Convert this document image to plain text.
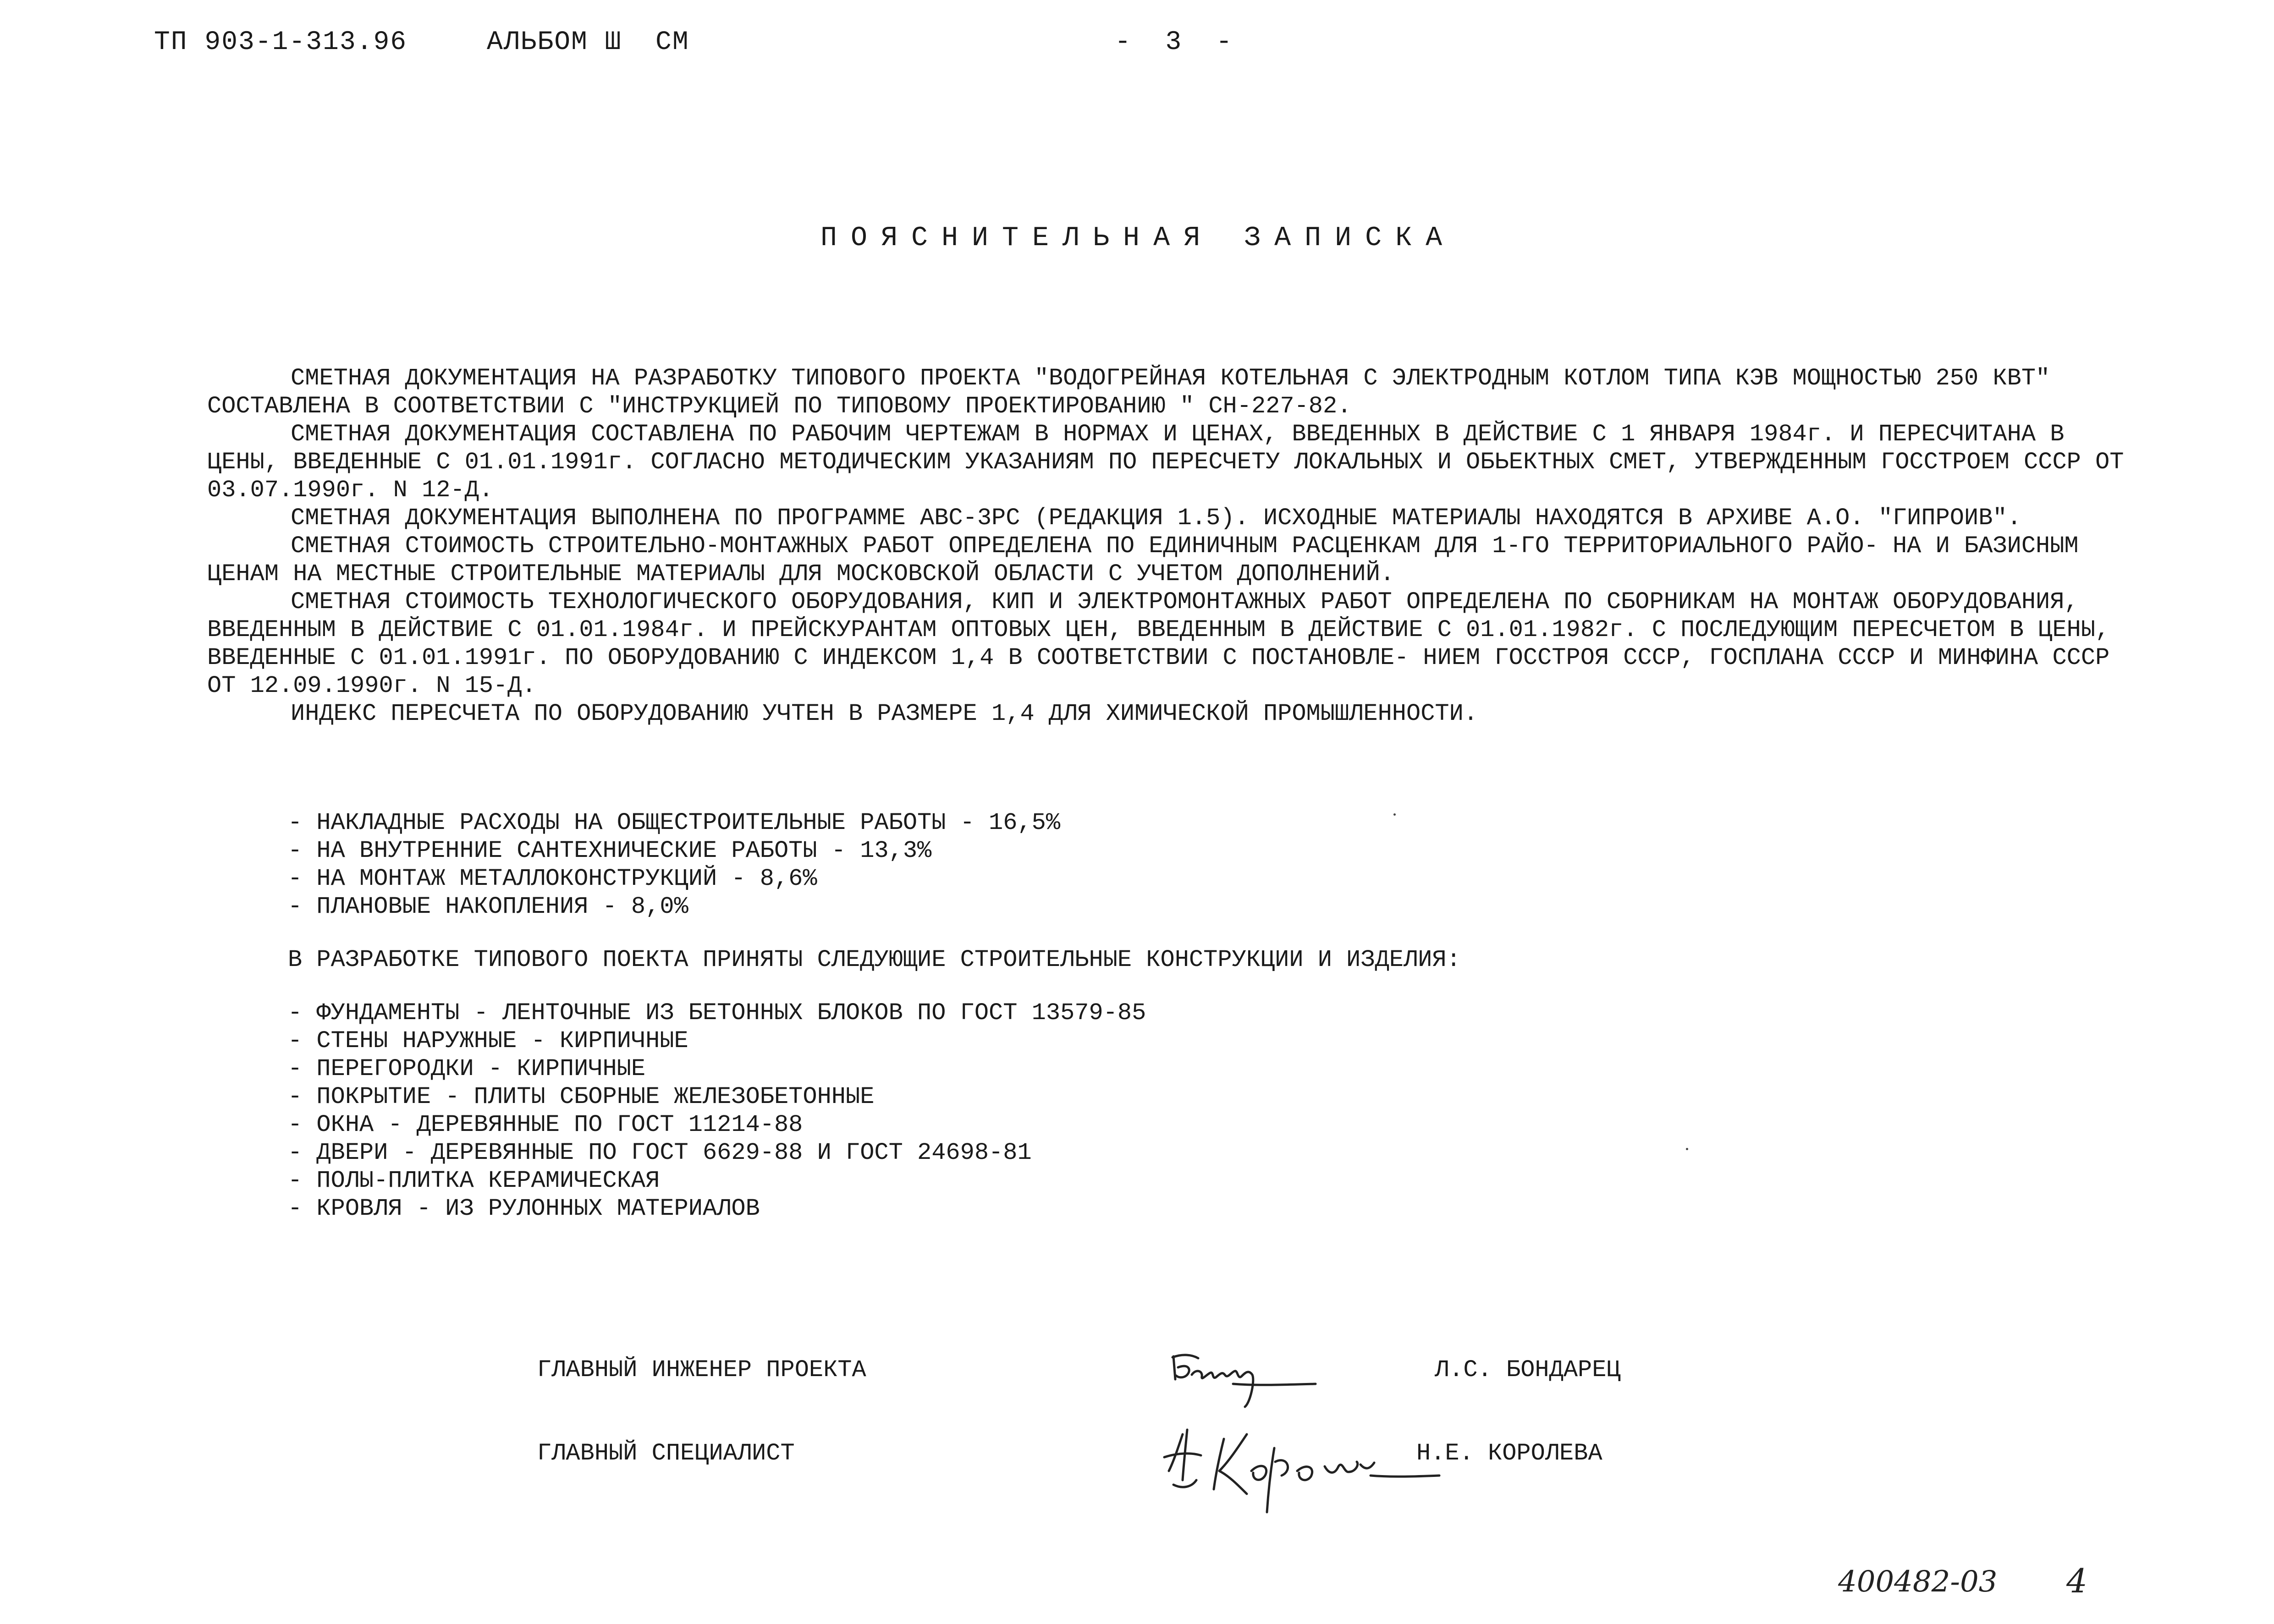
ТП 903-1-313.96	АЛЬБОМ Ш  СМ	-  3  -
ПОЯСНИТЕЛЬНАЯ ЗАПИСКА

СМЕТНАЯ ДОКУМЕНТАЦИЯ НА РАЗРАБОТКУ ТИПОВОГО ПРОЕКТА "ВОДОГРЕЙНАЯ КОТЕЛЬНАЯ С ЭЛЕКТРОДНЫМ КОТЛОМ ТИПА КЭВ МОЩНОСТЬЮ 250 КВТ" СОСТАВЛЕНА В СООТВЕТСТВИИ С "ИНСТРУКЦИЕЙ ПО ТИПОВОМУ ПРОЕКТИРОВАНИЮ " СН-227-82.

СМЕТНАЯ ДОКУМЕНТАЦИЯ СОСТАВЛЕНА ПО РАБОЧИМ ЧЕРТЕЖАМ В НОРМАХ И ЦЕНАХ, ВВЕДЕННЫХ В ДЕЙСТВИЕ С 1 ЯНВАРЯ 1984г. И ПЕРЕСЧИТАНА В ЦЕНЫ, ВВЕДЕННЫЕ С 01.01.1991г. СОГЛАСНО МЕТОДИЧЕСКИМ УКАЗАНИЯМ ПО ПЕРЕСЧЕТУ ЛОКАЛЬНЫХ И ОБЬЕКТНЫХ СМЕТ, УТВЕРЖДЕННЫМ ГОССТРОЕМ СССР ОТ 03.07.1990г. N 12-Д.

СМЕТНАЯ ДОКУМЕНТАЦИЯ ВЫПОЛНЕНА ПО ПРОГРАММЕ АВС-3РС (РЕДАКЦИЯ 1.5). ИСХОДНЫЕ МАТЕРИАЛЫ НАХОДЯТСЯ В АРХИВЕ А.О. "ГИПРОИВ".

СМЕТНАЯ СТОИМОСТЬ СТРОИТЕЛЬНО-МОНТАЖНЫХ РАБОТ ОПРЕДЕЛЕНА ПО ЕДИНИЧНЫМ РАСЦЕНКАМ ДЛЯ 1-ГО ТЕРРИТОРИАЛЬНОГО РАЙО- НА И БАЗИСНЫМ ЦЕНАМ НА МЕСТНЫЕ СТРОИТЕЛЬНЫЕ МАТЕРИАЛЫ ДЛЯ МОСКОВСКОЙ ОБЛАСТИ С УЧЕТОМ ДОПОЛНЕНИЙ.

СМЕТНАЯ СТОИМОСТЬ ТЕХНОЛОГИЧЕСКОГО ОБОРУДОВАНИЯ, КИП И ЭЛЕКТРОМОНТАЖНЫХ РАБОТ ОПРЕДЕЛЕНА ПО СБОРНИКАМ НА МОНТАЖ ОБОРУДОВАНИЯ, ВВЕДЕННЫМ В ДЕЙСТВИЕ С 01.01.1984г. И ПРЕЙСКУРАНТАМ ОПТОВЫХ ЦЕН, ВВЕДЕННЫМ В ДЕЙСТВИЕ С 01.01.1982г. С ПОСЛЕДУЮЩИМ ПЕРЕСЧЕТОМ В ЦЕНЫ, ВВЕДЕННЫЕ С 01.01.1991г. ПО ОБОРУДОВАНИЮ С ИНДЕКСОМ 1,4 В СООТВЕТСТВИИ С ПОСТАНОВЛЕ- НИЕМ ГОССТРОЯ СССР, ГОСПЛАНА СССР И МИНФИНА СССР ОТ 12.09.1990г. N 15-Д.

ИНДЕКС ПЕРЕСЧЕТА ПО ОБОРУДОВАНИЮ УЧТЕН В РАЗМЕРЕ 1,4 ДЛЯ ХИМИЧЕСКОЙ ПРОМЫШЛЕННОСТИ.

- НАКЛАДНЫЕ РАСХОДЫ НА ОБЩЕСТРОИТЕЛЬНЫЕ РАБОТЫ - 16,5%
- НА ВНУТРЕННИЕ САНТЕХНИЧЕСКИЕ РАБОТЫ - 13,3%
- НА МОНТАЖ МЕТАЛЛОКОНСТРУКЦИЙ - 8,6%
- ПЛАНОВЫЕ НАКОПЛЕНИЯ - 8,0%
В РАЗРАБОТКЕ ТИПОВОГО ПОЕКТА ПРИНЯТЫ СЛЕДУЮЩИЕ СТРОИТЕЛЬНЫЕ КОНСТРУКЦИИ И ИЗДЕЛИЯ:
- ФУНДАМЕНТЫ - ЛЕНТОЧНЫЕ ИЗ БЕТОННЫХ БЛОКОВ ПО ГОСТ 13579-85
- СТЕНЫ НАРУЖНЫЕ - КИРПИЧНЫЕ
- ПЕРЕГОРОДКИ - КИРПИЧНЫЕ
- ПОКРЫТИЕ - ПЛИТЫ СБОРНЫЕ ЖЕЛЕЗОБЕТОННЫЕ
- ОКНА - ДЕРЕВЯННЫЕ ПО ГОСТ 11214-88
- ДВЕРИ - ДЕРЕВЯННЫЕ ПО ГОСТ 6629-88 И ГОСТ 24698-81
- ПОЛЫ-ПЛИТКА КЕРАМИЧЕСКАЯ
- КРОВЛЯ - ИЗ РУЛОННЫХ МАТЕРИАЛОВ
ГЛАВНЫЙ ИНЖЕНЕР ПРОЕКТА	Л.С. БОНДАРЕЦ
ГЛАВНЫЙ СПЕЦИАЛИСТ	Н.Е. КОРОЛЕВА
400482-03 4
